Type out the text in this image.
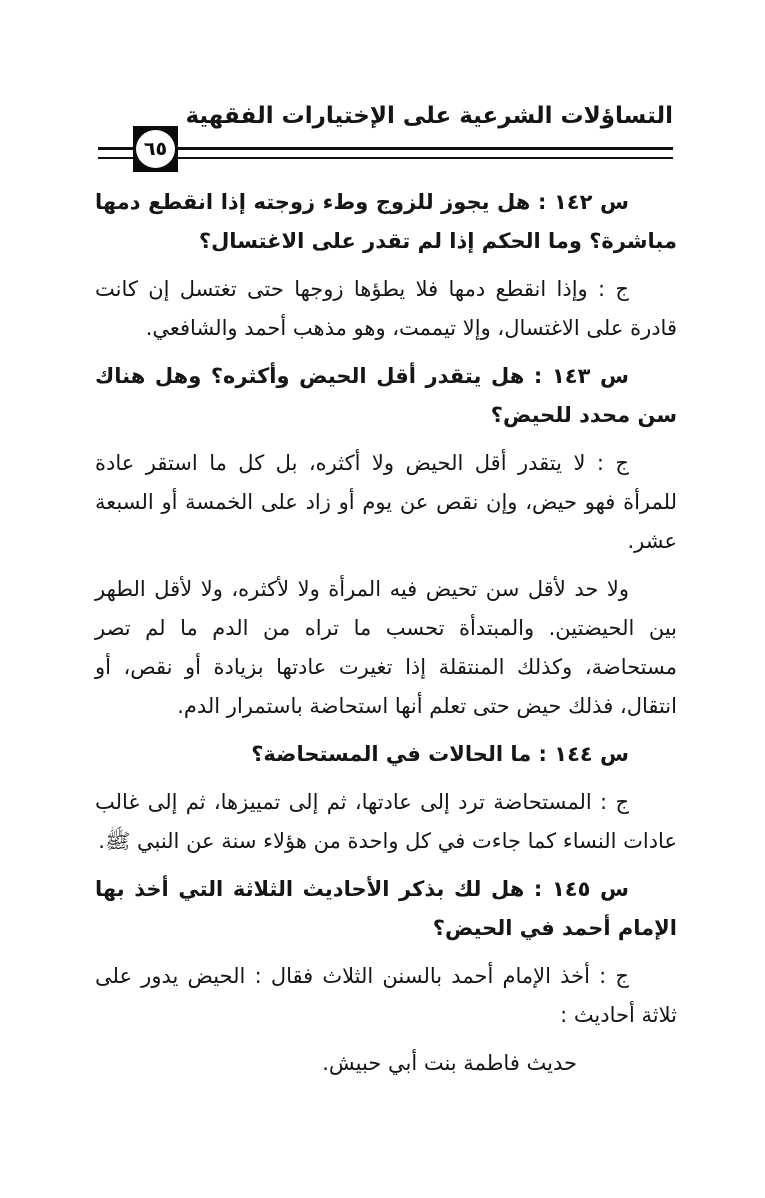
التساؤلات الشرعية على الإختيارات الفقهية
٦٥

س ١٤٢ : هل يجوز للزوج وطء زوجته إذا انقطع دمها مباشرة؟ وما الحكم إذا لم تقدر على الاغتسال؟

ج : وإذا انقطع دمها فلا يطؤها زوجها حتى تغتسل إن كانت قادرة على الاغتسال، وإلا تيممت، وهو مذهب أحمد والشافعي.

س ١٤٣ : هل يتقدر أقل الحيض وأكثره؟ وهل هناك سن محدد للحيض؟

ج : لا يتقدر أقل الحيض ولا أكثره، بل كل ما استقر عادة للمرأة فهو حيض، وإن نقص عن يوم أو زاد على الخمسة أو السبعة عشر.

ولا حد لأقل سن تحيض فيه المرأة ولا لأكثره، ولا لأقل الطهر بين الحيضتين. والمبتدأة تحسب ما تراه من الدم ما لم تصر مستحاضة، وكذلك المنتقلة إذا تغيرت عادتها بزيادة أو نقص، أو انتقال، فذلك حيض حتى تعلم أنها استحاضة باستمرار الدم.

س ١٤٤ : ما الحالات في المستحاضة؟

ج : المستحاضة ترد إلى عادتها، ثم إلى تمييزها، ثم إلى غالب عادات النساء كما جاءت في كل واحدة من هؤلاء سنة عن النبي ﷺ.

س ١٤٥ : هل لك بذكر الأحاديث الثلاثة التي أخذ بها الإمام أحمد في الحيض؟

ج : أخذ الإمام أحمد بالسنن الثلاث فقال : الحيض يدور على ثلاثة أحاديث :

حديث فاطمة بنت أبي حبيش.
